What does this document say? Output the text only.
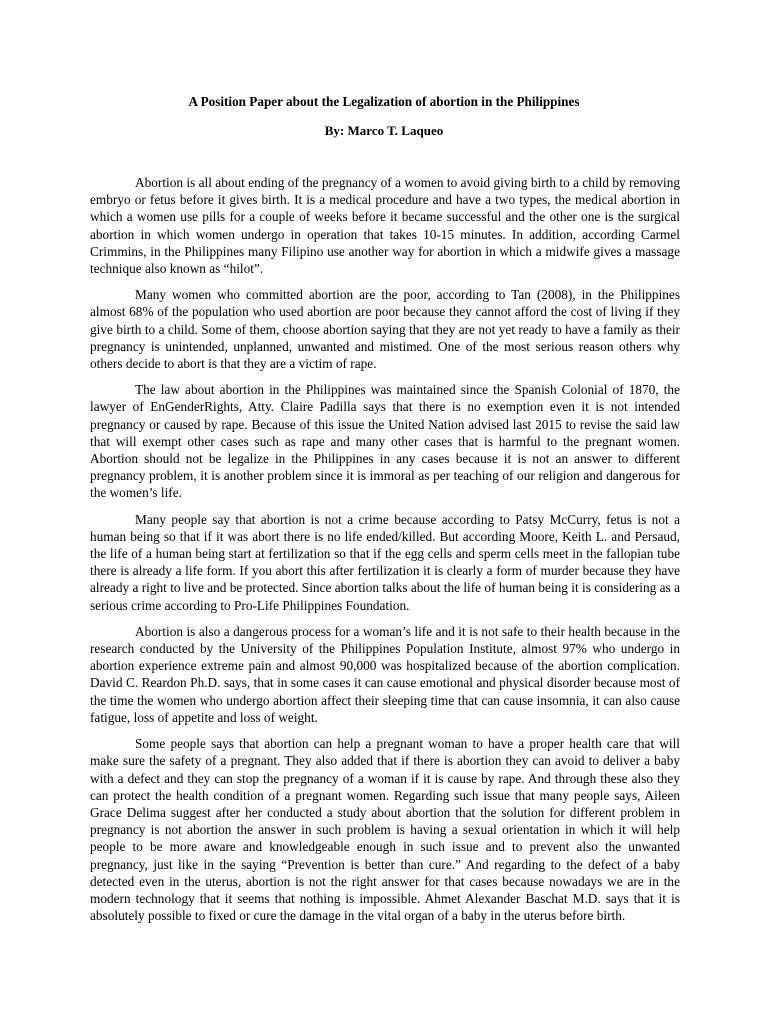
A Position Paper about the Legalization of abortion in the Philippines

By: Marco T. Laqueo

Abortion is all about ending of the pregnancy of a women to avoid giving birth to a child by removing embryo or fetus before it gives birth. It is a medical procedure and have a two types, the medical abortion in which a women use pills for a couple of weeks before it became successful and the other one is the surgical abortion in which women undergo in operation that takes 10-15 minutes. In addition, according Carmel Crimmins, in the Philippines many Filipino use another way for abortion in which a midwife gives a massage technique also known as “hilot”.

Many women who committed abortion are the poor, according to Tan (2008), in the Philippines almost 68% of the population who used abortion are poor because they cannot afford the cost of living if they give birth to a child. Some of them, choose abortion saying that they are not yet ready to have a family as their pregnancy is unintended, unplanned, unwanted and mistimed. One of the most serious reason others why others decide to abort is that they are a victim of rape.

The law about abortion in the Philippines was maintained since the Spanish Colonial of 1870, the lawyer of EnGenderRights, Atty. Claire Padilla says that there is no exemption even it is not intended pregnancy or caused by rape. Because of this issue the United Nation advised last 2015 to revise the said law that will exempt other cases such as rape and many other cases that is harmful to the pregnant women. Abortion should not be legalize in the Philippines in any cases because it is not an answer to different pregnancy problem, it is another problem since it is immoral as per teaching of our religion and dangerous for the women’s life.

Many people say that abortion is not a crime because according to Patsy McCurry, fetus is not a human being so that if it was abort there is no life ended/killed. But according Moore, Keith L. and Persaud, the life of a human being start at fertilization so that if the egg cells and sperm cells meet in the fallopian tube there is already a life form. If you abort this after fertilization it is clearly a form of murder because they have already a right to live and be protected. Since abortion talks about the life of human being it is considering as a serious crime according to Pro-Life Philippines Foundation.

Abortion is also a dangerous process for a woman’s life and it is not safe to their health because in the research conducted by the University of the Philippines Population Institute, almost 97% who undergo in abortion experience extreme pain and almost 90,000 was hospitalized because of the abortion complication. David C. Reardon Ph.D. says, that in some cases it can cause emotional and physical disorder because most of the time the women who undergo abortion affect their sleeping time that can cause insomnia, it can also cause fatigue, loss of appetite and loss of weight.

Some people says that abortion can help a pregnant woman to have a proper health care that will make sure the safety of a pregnant. They also added that if there is abortion they can avoid to deliver a baby with a defect and they can stop the pregnancy of a woman if it is cause by rape. And through these also they can protect the health condition of a pregnant women. Regarding such issue that many people says, Aileen Grace Delima suggest after her conducted a study about abortion that the solution for different problem in pregnancy is not abortion the answer in such problem is having a sexual orientation in which it will help people to be more aware and knowledgeable enough in such issue and to prevent also the unwanted pregnancy, just like in the saying “Prevention is better than cure.” And regarding to the defect of a baby detected even in the uterus, abortion is not the right answer for that cases because nowadays we are in the modern technology that it seems that nothing is impossible. Ahmet Alexander Baschat M.D. says that it is absolutely possible to fixed or cure the damage in the vital organ of a baby in the uterus before birth.
